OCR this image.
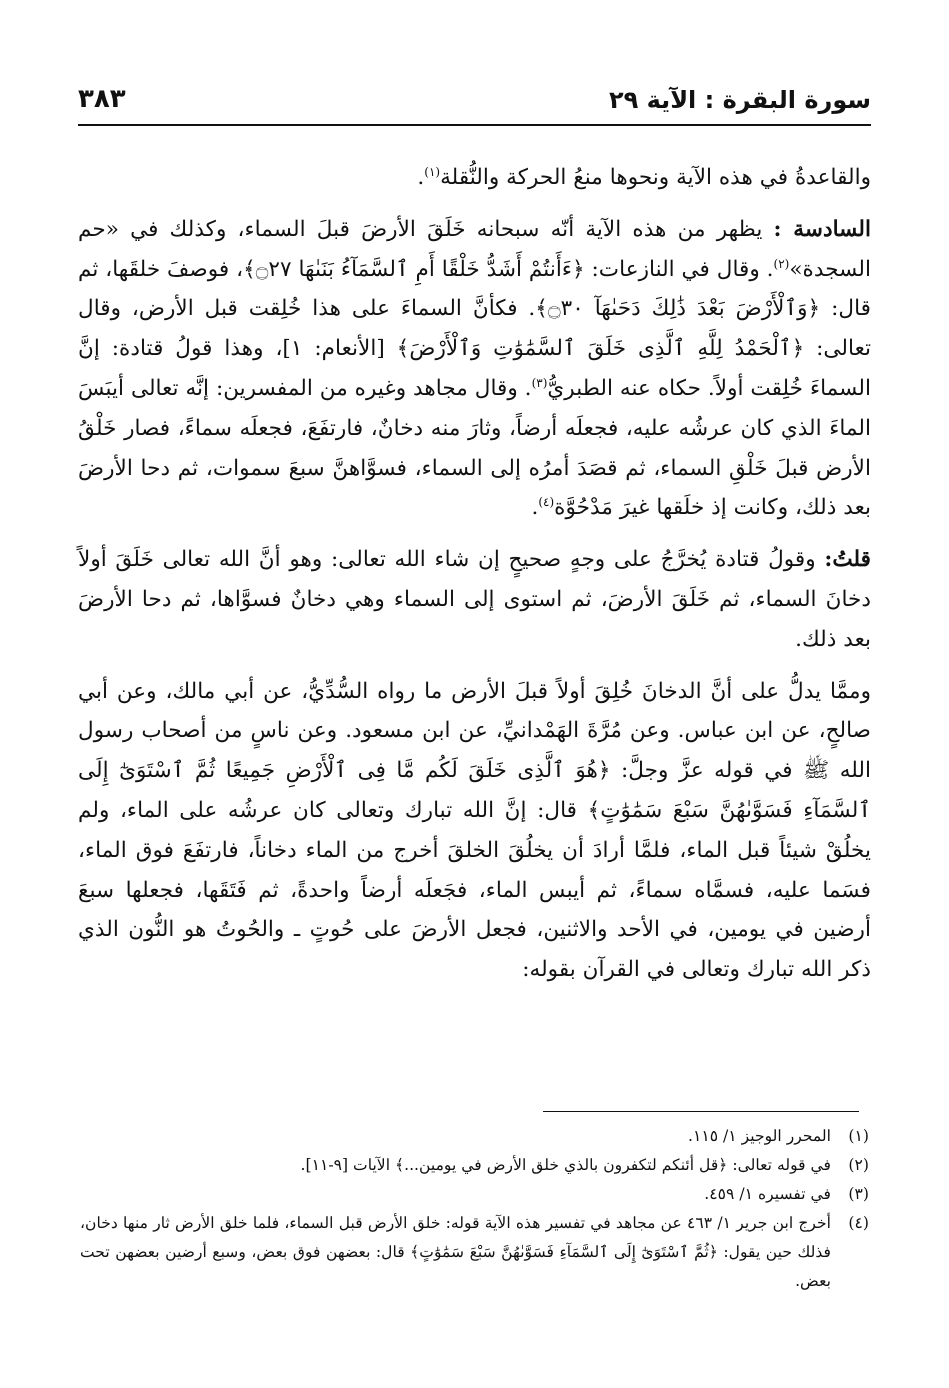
سورة البقرة : الآية ٢٩
٣٨٣

والقاعدةُ في هذه الآية ونحوها منعُ الحركة والنُّقلة$^{(١)}$.

السادسة : يظهر من هذه الآية أنّه سبحانه خَلَقَ الأرضَ قبلَ السماء، وكذلك في «حم السجدة»$^{(٢)}$. وقال في النازعات: ﴿ءَأَنتُمْ أَشَدُّ خَلْقًا أَمِ ٱلسَّمَآءُ بَنَىٰهَا ۝٢٧﴾، فوصفَ خلقَها، ثم قال: ﴿وَٱلْأَرْضَ بَعْدَ ذَٰلِكَ دَحَىٰهَآ ۝٣٠﴾. فكأنَّ السماءَ على هذا خُلِقت قبل الأرض، وقال تعالى: ﴿ٱلْحَمْدُ لِلَّهِ ٱلَّذِى خَلَقَ ٱلسَّمَٰوَٰتِ وَٱلْأَرْضَ﴾ [الأنعام: ١]، وهذا قولُ قتادة: إنَّ السماءَ خُلِقت أولاً. حكاه عنه الطبريُّ$^{(٣)}$. وقال مجاهد وغيره من المفسرين: إنَّه تعالى أيبَسَ الماءَ الذي كان عرشُه عليه، فجعلَه أرضاً، وثارَ منه دخانٌ، فارتفَعَ، فجعلَه سماءً، فصار خَلْقُ الأرض قبلَ خَلْقِ السماء، ثم قصَدَ أمرُه إلى السماء، فسوَّاهنَّ سبعَ سموات، ثم دحا الأرضَ بعد ذلك، وكانت إذ خلَقها غيرَ مَدْحُوَّة$^{(٤)}$.

قلتُ: وقولُ قتادة يُخرَّجُ على وجهٍ صحيحٍ إن شاء الله تعالى: وهو أنَّ الله تعالى خَلَقَ أولاً دخانَ السماء، ثم خَلَقَ الأرضَ، ثم استوى إلى السماء وهي دخانٌ فسوَّاها، ثم دحا الأرضَ بعد ذلك.

وممَّا يدلُّ على أنَّ الدخانَ خُلِقَ أولاً قبلَ الأرض ما رواه السُّدِّيُّ، عن أبي مالك، وعن أبي صالحٍ، عن ابن عباس. وعن مُرَّةَ الهَمْدانيِّ، عن ابن مسعود. وعن ناسٍ من أصحاب رسول الله ﷺ في قوله عزَّ وجلَّ: ﴿هُوَ ٱلَّذِى خَلَقَ لَكُم مَّا فِى ٱلْأَرْضِ جَمِيعًا ثُمَّ ٱسْتَوَىٰٓ إِلَى ٱلسَّمَآءِ فَسَوَّىٰهُنَّ سَبْعَ سَمَٰوَٰتٍ﴾ قال: إنَّ الله تبارك وتعالى كان عرشُه على الماء، ولم يخلُقْ شيئاً قبل الماء، فلمَّا أرادَ أن يخلُقَ الخلقَ أخرج من الماء دخاناً، فارتفَعَ فوق الماء، فسَما عليه، فسمَّاه سماءً، ثم أيبس الماء، فجَعلَه أرضاً واحدةً، ثم فَتَقَها، فجعلها سبعَ أرضين في يومين، في الأحد والاثنين، فجعل الأرضَ على حُوتٍ ـ والحُوتُ هو النُّون الذي ذكر الله تبارك وتعالى في القرآن بقوله:

(١)
المحرر الوجيز ١/ ١١٥.

(٢)
في قوله تعالى: ﴿قل أئنكم لتكفرون بالذي خلق الأرض في يومين...﴾ الآيات [٩-١١].

(٣)
في تفسيره ١/ ٤٥٩.

(٤)
أخرج ابن جرير ١/ ٤٦٣ عن مجاهد في تفسير هذه الآية قوله: خلق الأرض قبل السماء، فلما خلق الأرض ثار منها دخان، فذلك حين يقول: ﴿ثُمَّ ٱسْتَوَىٰٓ إِلَى ٱلسَّمَآءِ فَسَوَّىٰهُنَّ سَبْعَ سَمَٰوَٰتٍ﴾ قال: بعضهن فوق بعض، وسبع أرضين بعضهن تحت بعض.
